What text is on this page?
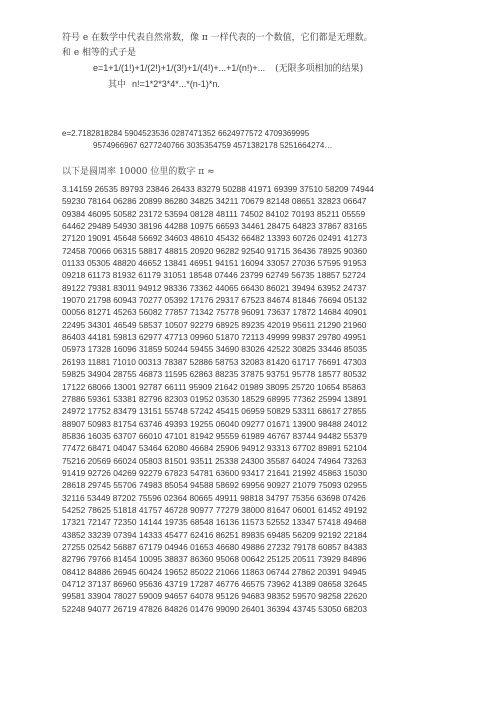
符号 e 在数学中代表自然常数，像 π 一样代表的一个数值，它们都是无理数。

和 e 相等的式子是

e=1+1/(1!)+1/(2!)+1/(3!)+1/(4!)+...+1/(n!)+... (无限多项相加的结果)

其中 n!=1*2*3*4*...*(n-1)*n.

e=2.7182818284 5904523536 0287471352 6624977572 4709369995
9574966967 6277240766 3035354759 4571382178 5251664274…
以下是圆周率 10000 位里的数字 π ≈
3.14159 26535 89793 23846 26433 83279 50288 41971 69399 37510 58209 74944
59230 78164 06286 20899 86280 34825 34211 70679 82148 08651 32823 06647
09384 46095 50582 23172 53594 08128 48111 74502 84102 70193 85211 05559
64462 29489 54930 38196 44288 10975 66593 34461 28475 64823 37867 83165
27120 19091 45648 56692 34603 48610 45432 66482 13393 60726 02491 41273
72458 70066 06315 58817 48815 20920 96282 92540 91715 36436 78925 90360
01133 05305 48820 46652 13841 46951 94151 16094 33057 27036 57595 91953
09218 61173 81932 61179 31051 18548 07446 23799 62749 56735 18857 52724
89122 79381 83011 94912 98336 73362 44065 66430 86021 39494 63952 24737
19070 21798 60943 70277 05392 17176 29317 67523 84674 81846 76694 05132
00056 81271 45263 56082 77857 71342 75778 96091 73637 17872 14684 40901
22495 34301 46549 58537 10507 92279 68925 89235 42019 95611 21290 21960
86403 44181 59813 62977 47713 09960 51870 72113 49999 99837 29780 49951
05973 17328 16096 31859 50244 59455 34690 83026 42522 30825 33446 85035
26193 11881 71010 00313 78387 52886 58753 32083 81420 61717 76691 47303
59825 34904 28755 46873 11595 62863 88235 37875 93751 95778 18577 80532
17122 68066 13001 92787 66111 95909 21642 01989 38095 25720 10654 85863
27886 59361 53381 82796 82303 01952 03530 18529 68995 77362 25994 13891
24972 17752 83479 13151 55748 57242 45415 06959 50829 53311 68617 27855
88907 50983 81754 63746 49393 19255 06040 09277 01671 13900 98488 24012
85836 16035 63707 66010 47101 81942 95559 61989 46767 83744 94482 55379
77472 68471 04047 53464 62080 46684 25906 94912 93313 67702 89891 52104
75216 20569 66024 05803 81501 93511 25338 24300 35587 64024 74964 73263
91419 92726 04269 92279 67823 54781 63600 93417 21641 21992 45863 15030
28618 29745 55706 74983 85054 94588 58692 69956 90927 21079 75093 02955
32116 53449 87202 75596 02364 80665 49911 98818 34797 75356 63698 07426
54252 78625 51818 41757 46728 90977 77279 38000 81647 06001 61452 49192
17321 72147 72350 14144 19735 68548 16136 11573 52552 13347 57418 49468
43852 33239 07394 14333 45477 62416 86251 89835 69485 56209 92192 22184
27255 02542 56887 67179 04946 01653 46680 49886 27232 79178 60857 84383
82796 79766 81454 10095 38837 86360 95068 00642 25125 20511 73929 84896
08412 84886 26945 60424 19652 85022 21066 11863 06744 27862 20391 94945
04712 37137 86960 95636 43719 17287 46776 46575 73962 41389 08658 32645
99581 33904 78027 59009 94657 64078 95126 94683 98352 59570 98258 22620
52248 94077 26719 47826 84826 01476 99090 26401 36394 43745 53050 68203
